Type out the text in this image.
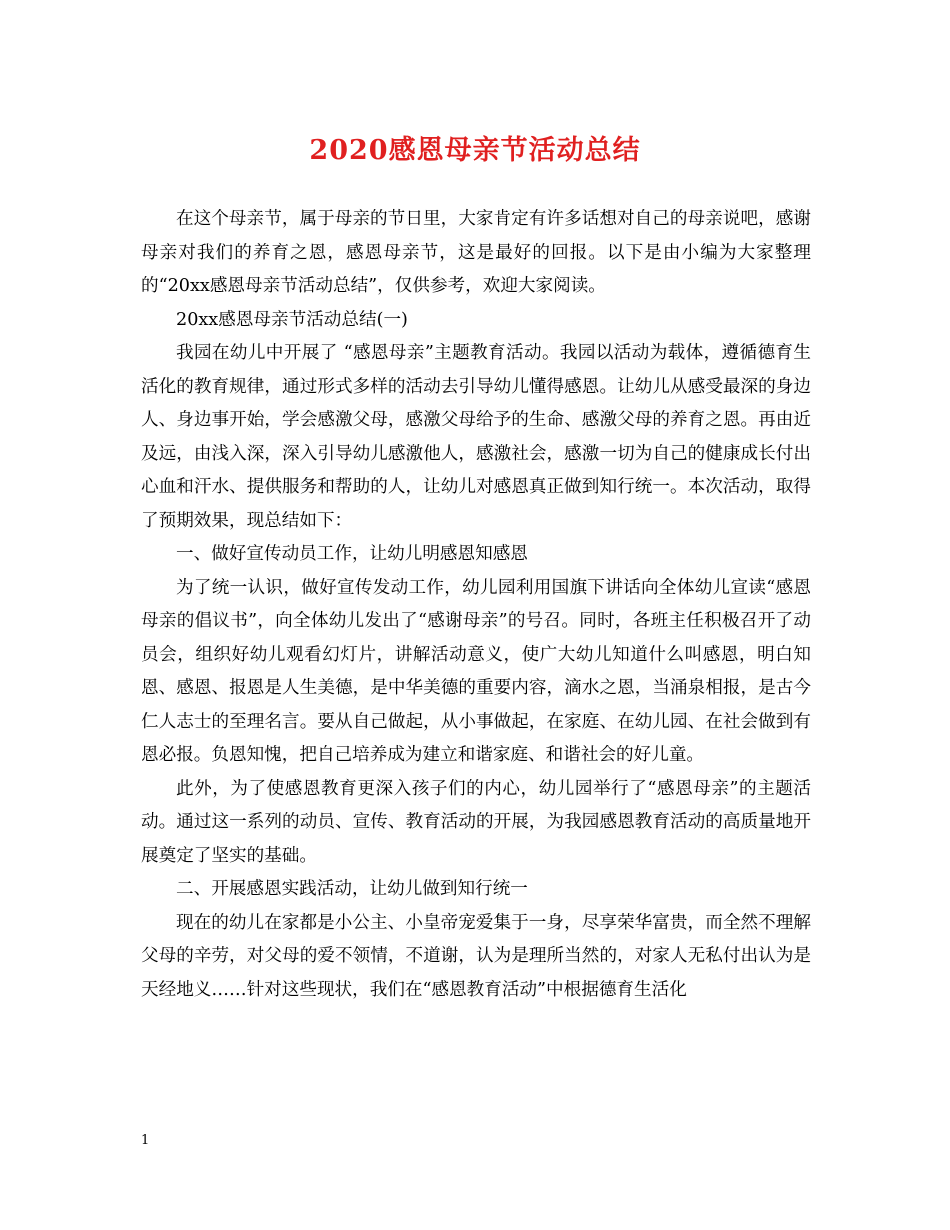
2020感恩母亲节活动总结

在这个母亲节，属于母亲的节日里，大家肯定有许多话想对自己的母亲说吧，感谢母亲对我们的养育之恩，感恩母亲节，这是最好的回报。以下是由小编为大家整理的“20xx感恩母亲节活动总结”，仅供参考，欢迎大家阅读。

20xx感恩母亲节活动总结(一)

我园在幼儿中开展了 “感恩母亲”主题教育活动。我园以活动为载体，遵循德育生活化的教育规律，通过形式多样的活动去引导幼儿懂得感恩。让幼儿从感受最深的身边人、身边事开始，学会感激父母，感激父母给予的生命、感激父母的养育之恩。再由近及远，由浅入深，深入引导幼儿感激他人，感激社会，感激一切为自己的健康成长付出心血和汗水、提供服务和帮助的人，让幼儿对感恩真正做到知行统一。本次活动，取得了预期效果，现总结如下：

一、做好宣传动员工作，让幼儿明感恩知感恩

为了统一认识，做好宣传发动工作，幼儿园利用国旗下讲话向全体幼儿宣读“感恩母亲的倡议书”，向全体幼儿发出了“感谢母亲”的号召。同时，各班主任积极召开了动员会，组织好幼儿观看幻灯片，讲解活动意义，使广大幼儿知道什么叫感恩，明白知恩、感恩、报恩是人生美德，是中华美德的重要内容，滴水之恩，当涌泉相报，是古今仁人志士的至理名言。要从自己做起，从小事做起，在家庭、在幼儿园、在社会做到有恩必报。负恩知愧，把自己培养成为建立和谐家庭、和谐社会的好儿童。

此外，为了使感恩教育更深入孩子们的内心，幼儿园举行了“感恩母亲”的主题活动。通过这一系列的动员、宣传、教育活动的开展，为我园感恩教育活动的高质量地开展奠定了坚实的基础。

二、开展感恩实践活动，让幼儿做到知行统一

现在的幼儿在家都是小公主、小皇帝宠爱集于一身，尽享荣华富贵，而全然不理解父母的辛劳，对父母的爱不领情，不道谢，认为是理所当然的，对家人无私付出认为是天经地义……针对这些现状，我们在“感恩教育活动”中根据德育生活化

1
